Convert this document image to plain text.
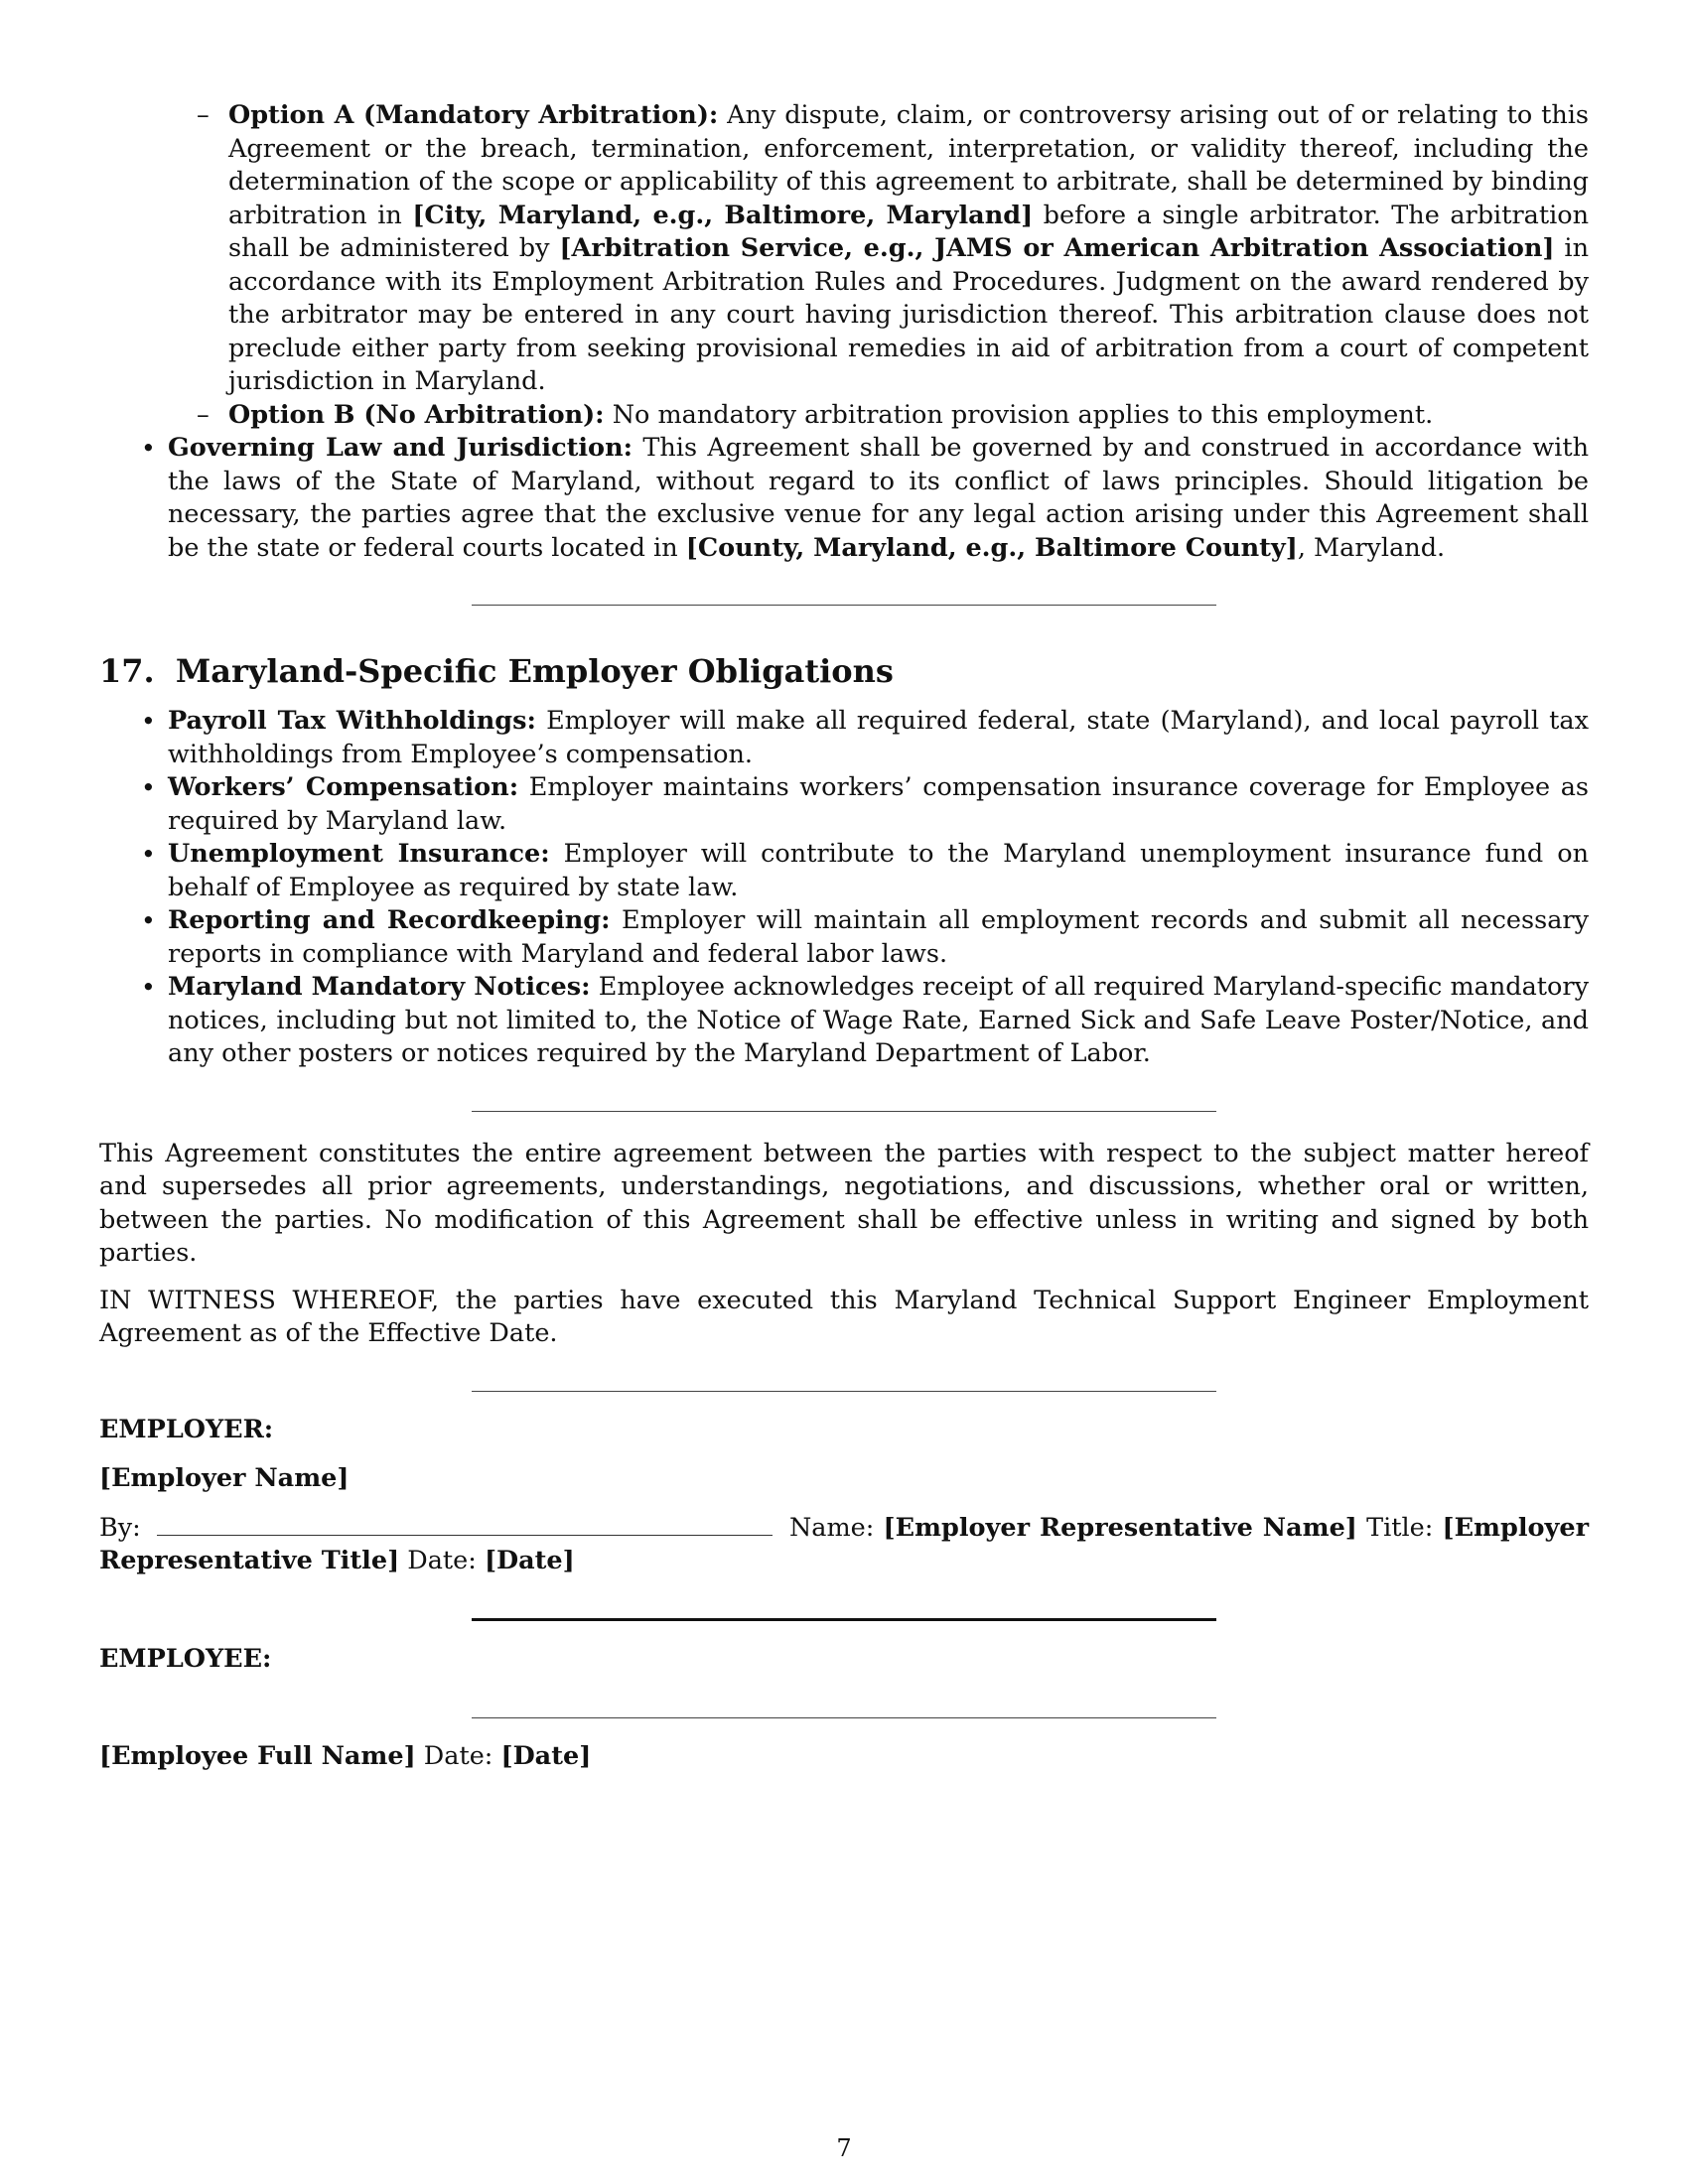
– Option A (Mandatory Arbitration): Any dispute, claim, or controversy arising out of or relating to this Agreement or the breach, termination, enforcement, interpretation, or validity thereof, including the determination of the scope or applicability of this agreement to arbitrate, shall be determined by binding arbitration in [City, Maryland, e.g., Baltimore, Maryland] before a single arbitrator. The arbitration shall be administered by [Arbitration Service, e.g., JAMS or American Arbitration Association] in accordance with its Employment Arbitration Rules and Procedures. Judgment on the award rendered by the arbitrator may be entered in any court having jurisdiction thereof. This arbitration clause does not preclude either party from seeking provisional remedies in aid of arbitration from a court of competent jurisdiction in Maryland.
– Option B (No Arbitration): No mandatory arbitration provision applies to this employment.
• Governing Law and Jurisdiction: This Agreement shall be governed by and construed in accordance with the laws of the State of Maryland, without regard to its conflict of laws principles. Should litigation be necessary, the parties agree that the exclusive venue for any legal action arising under this Agreement shall be the state or federal courts located in [County, Maryland, e.g., Baltimore County], Maryland.
17. Maryland-Specific Employer Obligations
• Payroll Tax Withholdings: Employer will make all required federal, state (Maryland), and local payroll tax withholdings from Employee’s compensation.
• Workers’ Compensation: Employer maintains workers’ compensation insurance coverage for Employee as required by Maryland law.
• Unemployment Insurance: Employer will contribute to the Maryland unemployment insurance fund on behalf of Employee as required by state law.
• Reporting and Recordkeeping: Employer will maintain all employment records and submit all necessary reports in compliance with Maryland and federal labor laws.
• Maryland Mandatory Notices: Employee acknowledges receipt of all required Maryland-specific mandatory notices, including but not limited to, the Notice of Wage Rate, Earned Sick and Safe Leave Poster/Notice, and any other posters or notices required by the Maryland Department of Labor.

This Agreement constitutes the entire agreement between the parties with respect to the subject matter hereof and supersedes all prior agreements, understandings, negotiations, and discussions, whether oral or written, between the parties. No modification of this Agreement shall be effective unless in writing and signed by both parties.

IN WITNESS WHEREOF, the parties have executed this Maryland Technical Support Engineer Employment Agreement as of the Effective Date.

EMPLOYER:

[Employer Name]

By:	Name: [Employer Representative Name] Title: [Employer Representative Title] Date: [Date]

EMPLOYEE:

[Employee Full Name] Date: [Date]

7
